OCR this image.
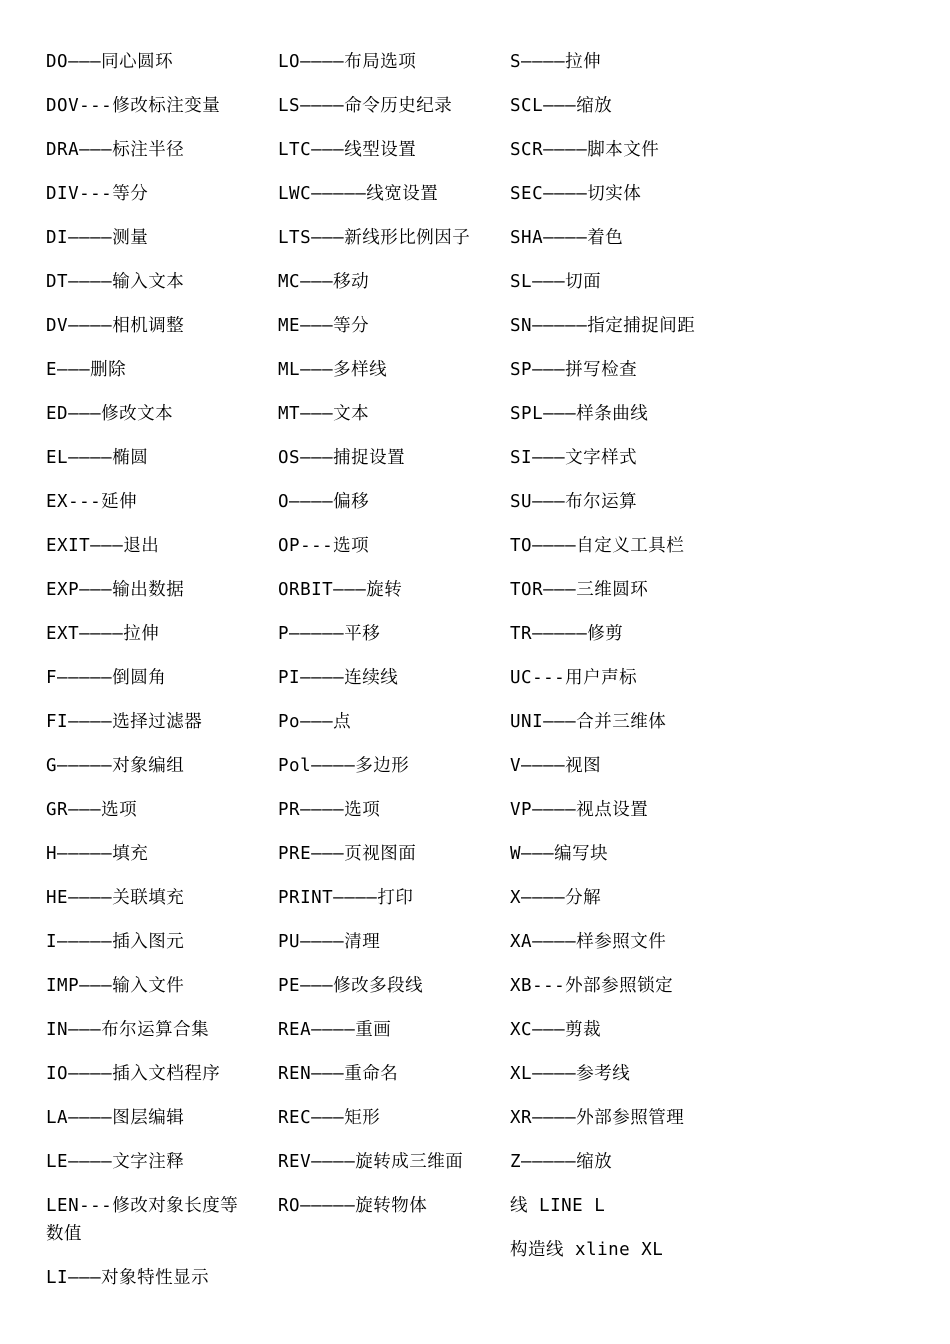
DO———同心圆环
DOV---修改标注变量
DRA———标注半径
DIV---等分
DI————测量
DT————输入文本
DV————相机调整
E———删除
ED———修改文本
EL————椭圆
EX---延伸
EXIT———退出
EXP———输出数据
EXT————拉伸
F—————倒圆角
FI————选择过滤器
G—————对象编组
GR———选项
H—————填充
HE————关联填充
I—————插入图元
IMP———输入文件
IN———布尔运算合集
IO————插入文档程序
LA————图层编辑
LE————文字注释
LEN---修改对象长度等数值
LI———对象特性显示
LO————布局选项
LS————命令历史纪录
LTC———线型设置
LWC—————线宽设置
LTS———新线形比例因子
MC———移动
ME———等分
ML———多样线
MT———文本
OS———捕捉设置
O————偏移
OP---选项
ORBIT———旋转
P—————平移
PI————连续线
Po———点
Pol————多边形
PR————选项
PRE———页视图面
PRINT————打印
PU————清理
PE———修改多段线
REA————重画
REN———重命名
REC———矩形
REV————旋转成三维面
RO—————旋转物体
S————拉伸
SCL———缩放
SCR————脚本文件
SEC————切实体
SHA————着色
SL———切面
SN—————指定捕捉间距
SP———拼写检查
SPL———样条曲线
SI———文字样式
SU———布尔运算
TO————自定义工具栏
TOR———三维圆环
TR—————修剪
UC---用户声标
UNI———合并三维体
V————视图
VP————视点设置
W———编写块
X————分解
XA————样参照文件
XB---外部参照锁定
XC———剪裁
XL————参考线
XR————外部参照管理
Z—————缩放
线 LINE L
构造线 xline XL
